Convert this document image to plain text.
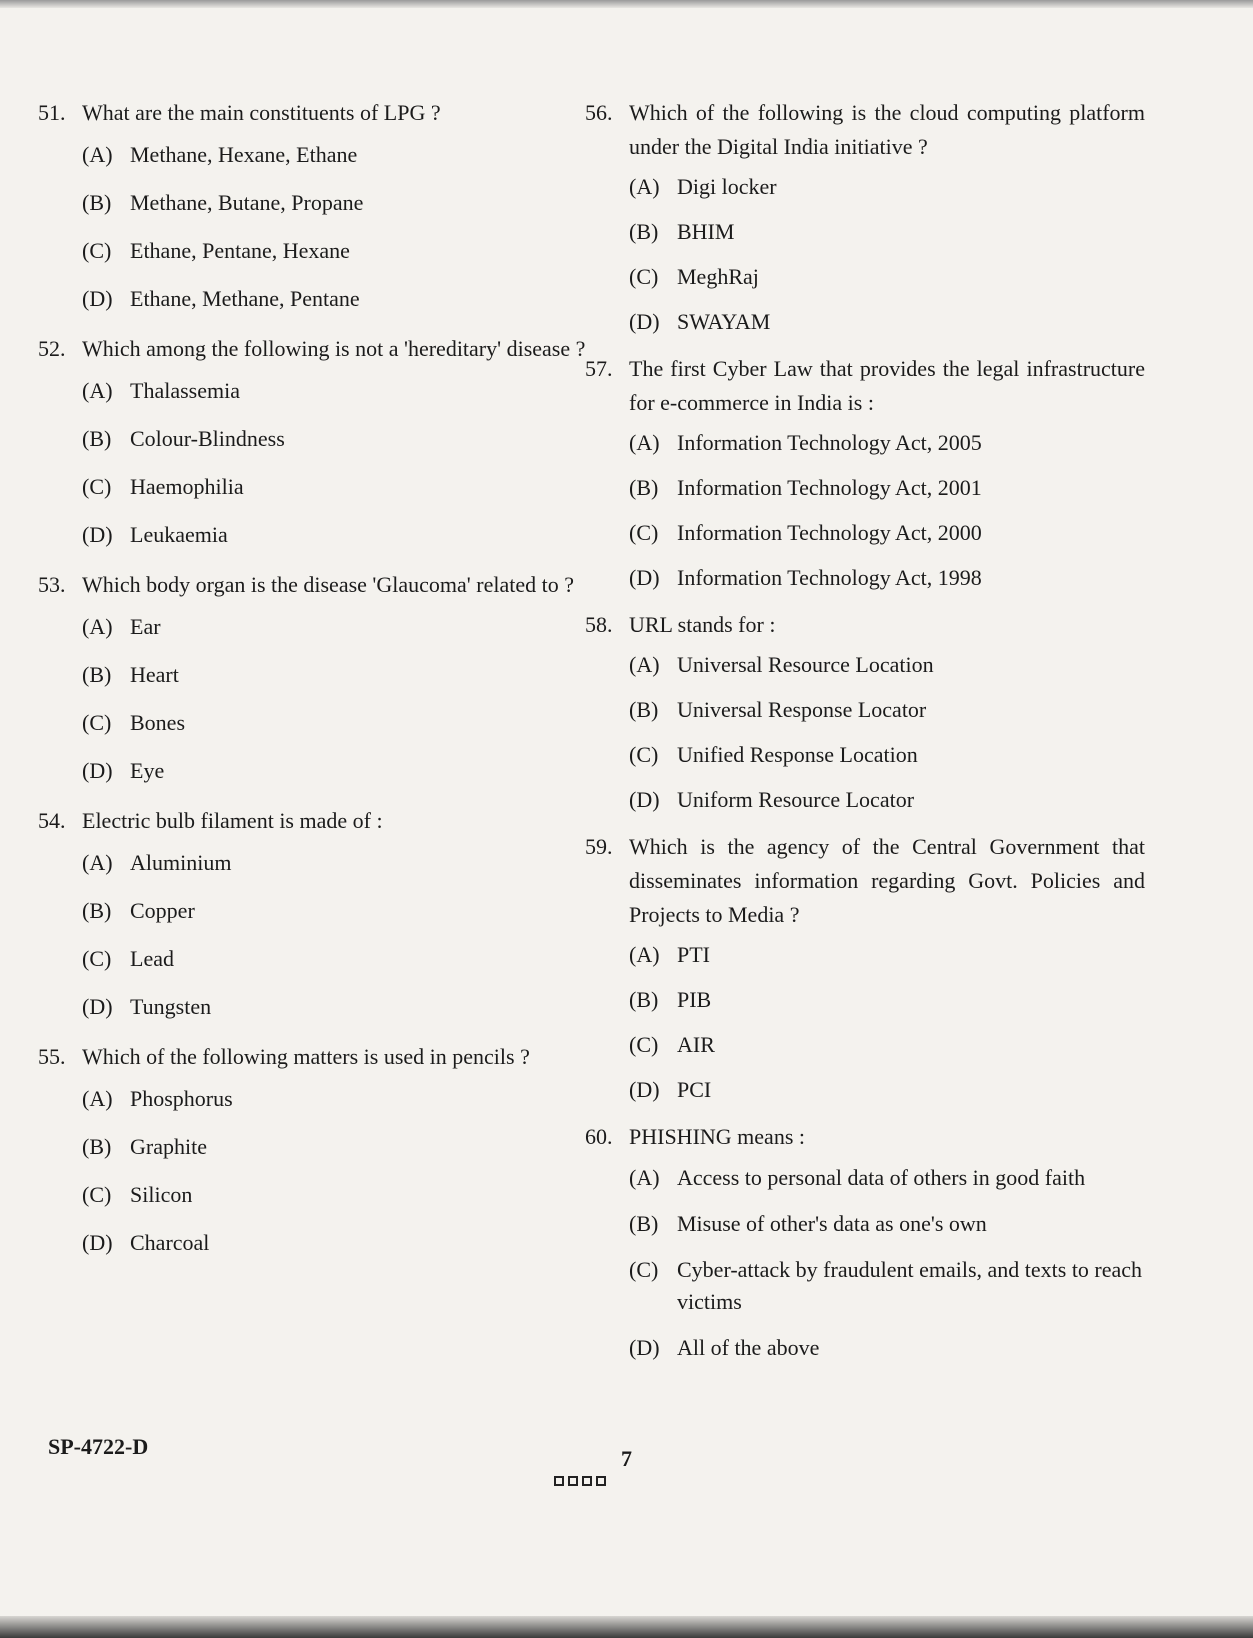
51. What are the main constituents of LPG ?
(A) Methane, Hexane, Ethane
(B) Methane, Butane, Propane
(C) Ethane, Pentane, Hexane
(D) Ethane, Methane, Pentane
52. Which among the following is not a 'hereditary' disease ?
(A) Thalassemia
(B) Colour-Blindness
(C) Haemophilia
(D) Leukaemia
53. Which body organ is the disease 'Glaucoma' related to ?
(A) Ear
(B) Heart
(C) Bones
(D) Eye
54. Electric bulb filament is made of :
(A) Aluminium
(B) Copper
(C) Lead
(D) Tungsten
55. Which of the following matters is used in pencils ?
(A) Phosphorus
(B) Graphite
(C) Silicon
(D) Charcoal
56. Which of the following is the cloud computing platform under the Digital India initiative ?
(A) Digi locker
(B) BHIM
(C) MeghRaj
(D) SWAYAM
57. The first Cyber Law that provides the legal infrastructure for e-commerce in India is :
(A) Information Technology Act, 2005
(B) Information Technology Act, 2001
(C) Information Technology Act, 2000
(D) Information Technology Act, 1998
58. URL stands for :
(A) Universal Resource Location
(B) Universal Response Locator
(C) Unified Response Location
(D) Uniform Resource Locator
59. Which is the agency of the Central Government that disseminates information regarding Govt. Policies and Projects to Media ?
(A) PTI
(B) PIB
(C) AIR
(D) PCI
60. PHISHING means :
(A) Access to personal data of others in good faith
(B) Misuse of other's data as one's own
(C) Cyber-attack by fraudulent emails, and texts to reach victims
(D) All of the above
SP-4722-D	7
